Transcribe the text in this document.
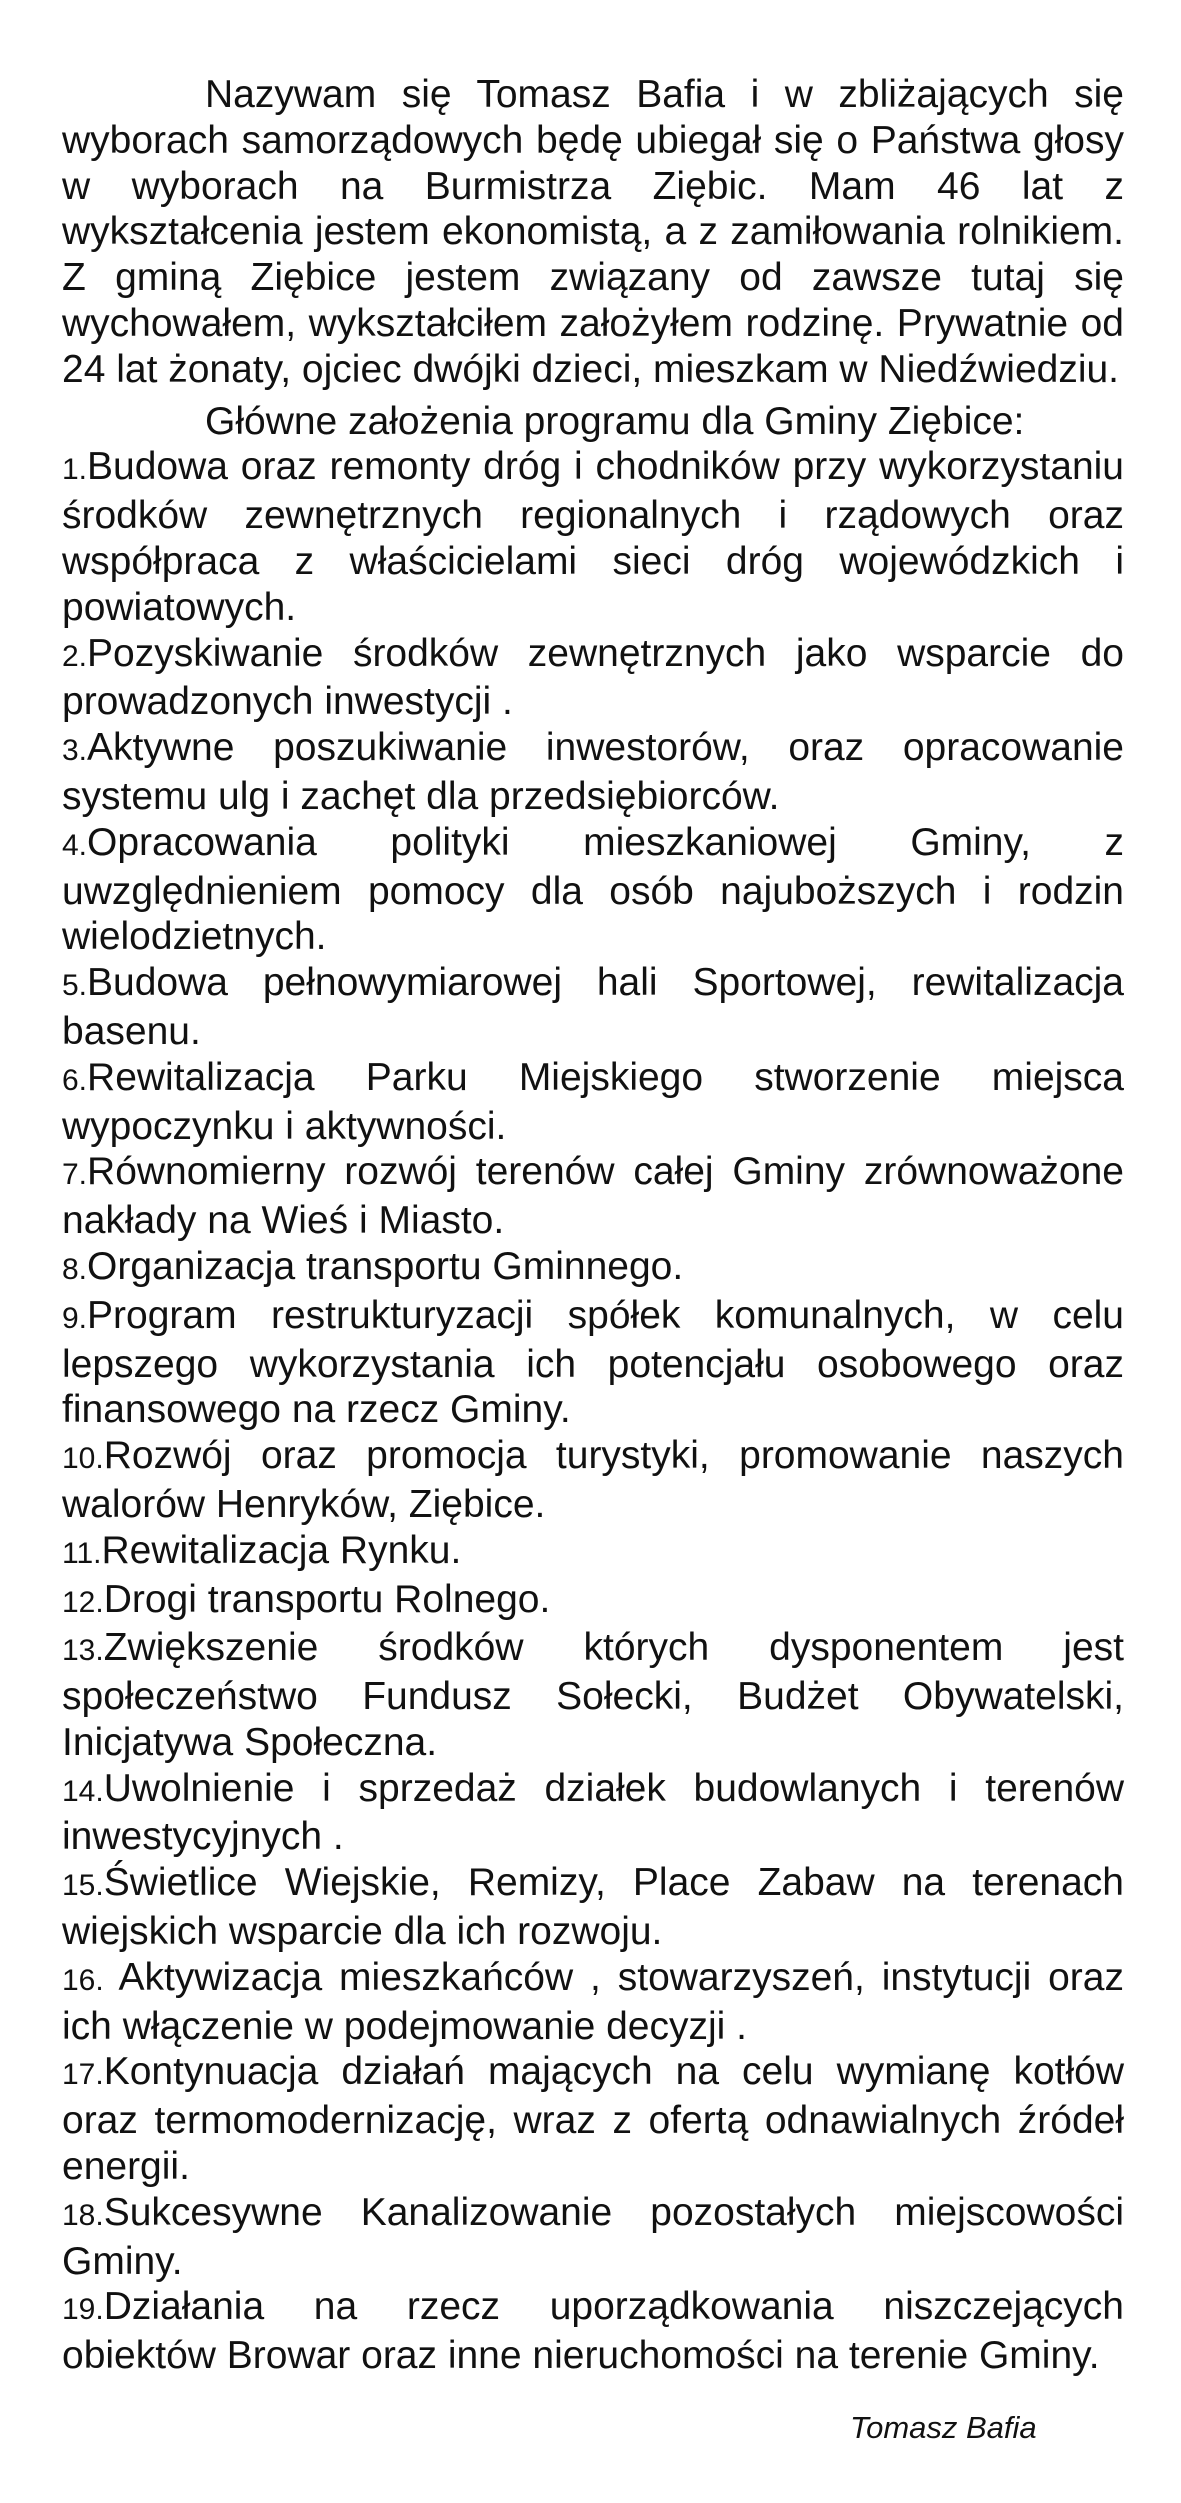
Nazywam się Tomasz Bafia i w zbliżających się wyborach samorządowych będę ubiegał się o Państwa głosy w wyborach na Burmistrza Ziębic. Mam 46 lat z wykształcenia jestem ekonomistą, a z zamiłowania rolnikiem. Z gminą Ziębice jestem związany od zawsze tutaj się wychowałem, wykształciłem założyłem rodzinę. Prywatnie od 24 lat żonaty, ojciec dwójki dzieci, mieszkam w Niedźwiedziu.

Główne założenia programu dla Gminy Ziębice:

1.Budowa oraz remonty dróg i chodników przy wykorzystaniu środków zewnętrznych regionalnych i rządowych oraz współpraca z właścicielami sieci dróg wojewódzkich i powiatowych.
2.Pozyskiwanie środków zewnętrznych jako wsparcie do prowadzonych inwestycji .
3.Aktywne poszukiwanie inwestorów, oraz opracowanie systemu ulg i zachęt dla przedsiębiorców.
4.Opracowania polityki mieszkaniowej Gminy, z uwzględnieniem pomocy dla osób najuboższych i rodzin wielodzietnych.
5.Budowa pełnowymiarowej hali Sportowej, rewitalizacja basenu.
6.Rewitalizacja Parku Miejskiego stworzenie miejsca wypoczynku i aktywności.
7.Równomierny rozwój terenów całej Gminy zrównoważone nakłady na Wieś i Miasto.
8.Organizacja transportu Gminnego.
9.Program restrukturyzacji spółek komunalnych, w celu lepszego wykorzystania ich potencjału osobowego oraz finansowego na rzecz Gminy.
10.Rozwój oraz promocja turystyki, promowanie naszych walorów Henryków, Ziębice.
11.Rewitalizacja Rynku.
12.Drogi transportu Rolnego.
13.Zwiększenie środków których dysponentem jest społeczeństwo Fundusz Sołecki, Budżet Obywatelski, Inicjatywa Społeczna.
14.Uwolnienie i sprzedaż działek budowlanych i terenów inwestycyjnych .
15.Świetlice Wiejskie, Remizy, Place Zabaw na terenach wiejskich wsparcie dla ich rozwoju.
16. Aktywizacja mieszkańców , stowarzyszeń, instytucji oraz ich włączenie w podejmowanie decyzji .
17.Kontynuacja działań mających na celu wymianę kotłów oraz termomodernizację, wraz z ofertą odnawialnych źródeł energii.
18.Sukcesywne Kanalizowanie pozostałych miejscowości Gminy.
19.Działania na rzecz uporządkowania niszczejących obiektów Browar oraz inne nieruchomości na terenie Gminy.
Tomasz Bafia
